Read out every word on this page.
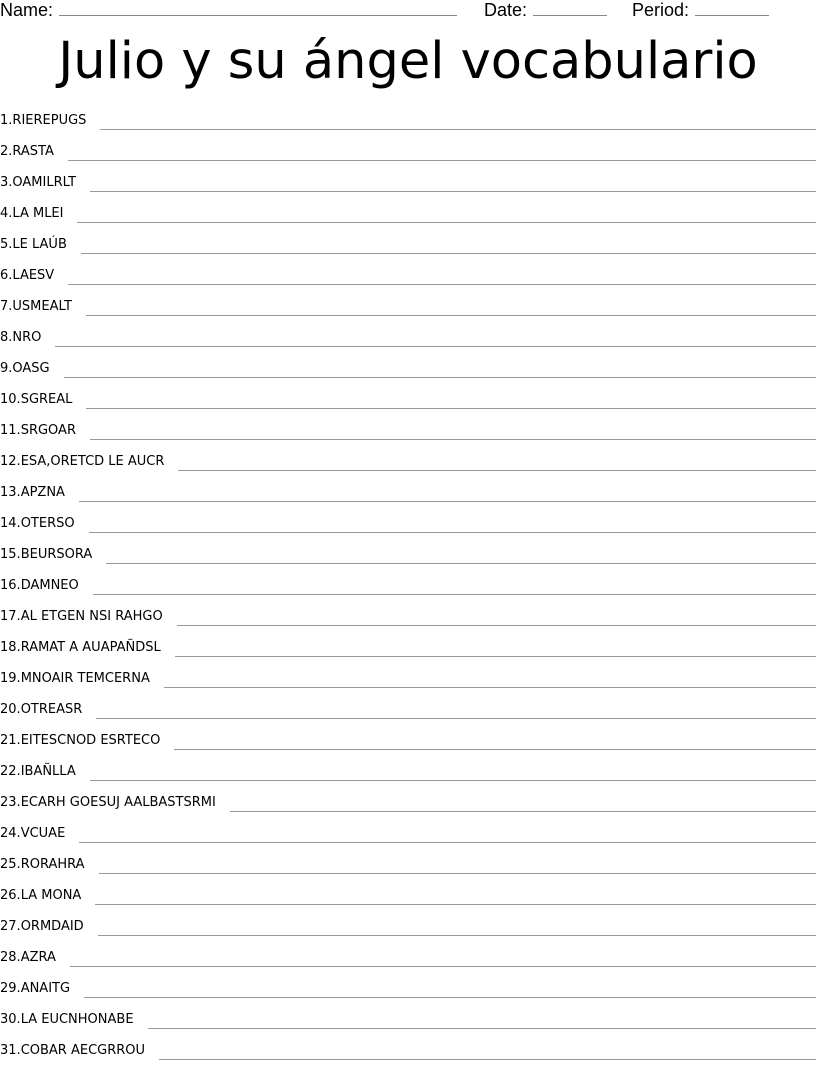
Name:	Date:	Period:
Julio y su ángel vocabulario
1. RIEREPUGS
2. RASTA
3. OAMILRLT
4. LA MLEI
5. LE LAÚB
6. LAESV
7. USMEALT
8. NRO
9. OASG
10. SGREAL
11. SRGOAR
12. ESA,ORETCD LE AUCR
13. APZNA
14. OTERSO
15. BEURSORA
16. DAMNEO
17. AL ETGEN NSI RAHGO
18. RAMAT A AUAPAÑDSL
19. MNOAIR TEMCERNA
20. OTREASR
21. EITESCNOD ESRTECO
22. IBAÑLLA
23. ECARH GOESUJ AALBASTSRMI
24. VCUAE
25. RORAHRA
26. LA MONA
27. ORMDAID
28. AZRA
29. ANAITG
30. LA EUCNHONABE
31. COBAR AECGRROU
